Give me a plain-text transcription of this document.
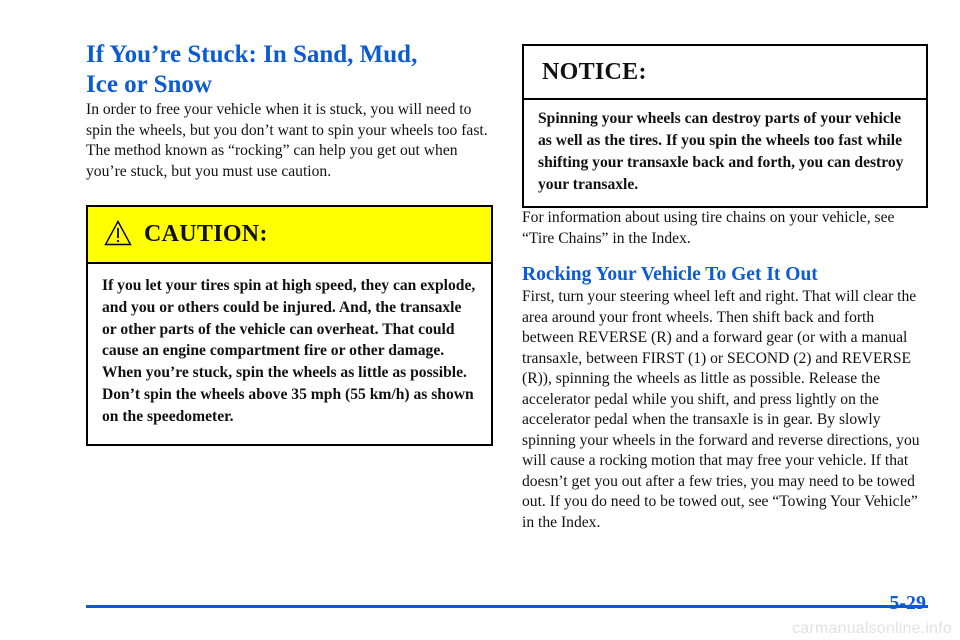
If You’re Stuck: In Sand, Mud,
Ice or Snow

In order to free your vehicle when it is stuck, you will need to spin the wheels, but you don’t want to spin your wheels too fast. The method known as “rocking” can help you get out when you’re stuck, but you must use caution.

CAUTION:
If you let your tires spin at high speed, they can explode, and you or others could be injured. And, the transaxle or other parts of the vehicle can overheat. That could cause an engine compartment fire or other damage. When you’re stuck, spin the wheels as little as possible. Don’t spin the wheels above 35 mph (55 km/h) as shown on the speedometer.
NOTICE:
Spinning your wheels can destroy parts of your vehicle as well as the tires. If you spin the wheels too fast while shifting your transaxle back and forth, you can destroy your transaxle.

For information about using tire chains on your vehicle, see “Tire Chains” in the Index.

Rocking Your Vehicle To Get It Out

First, turn your steering wheel left and right. That will clear the area around your front wheels. Then shift back and forth between REVERSE (R) and a forward gear (or with a manual transaxle, between FIRST (1) or SECOND (2) and REVERSE (R)), spinning the wheels as little as possible. Release the accelerator pedal while you shift, and press lightly on the accelerator pedal when the transaxle is in gear. By slowly spinning your wheels in the forward and reverse directions, you will cause a rocking motion that may free your vehicle. If that doesn’t get you out after a few tries, you may need to be towed out. If you do need to be towed out, see “Towing Your Vehicle” in the Index.

5-29
carmanualsonline.info
